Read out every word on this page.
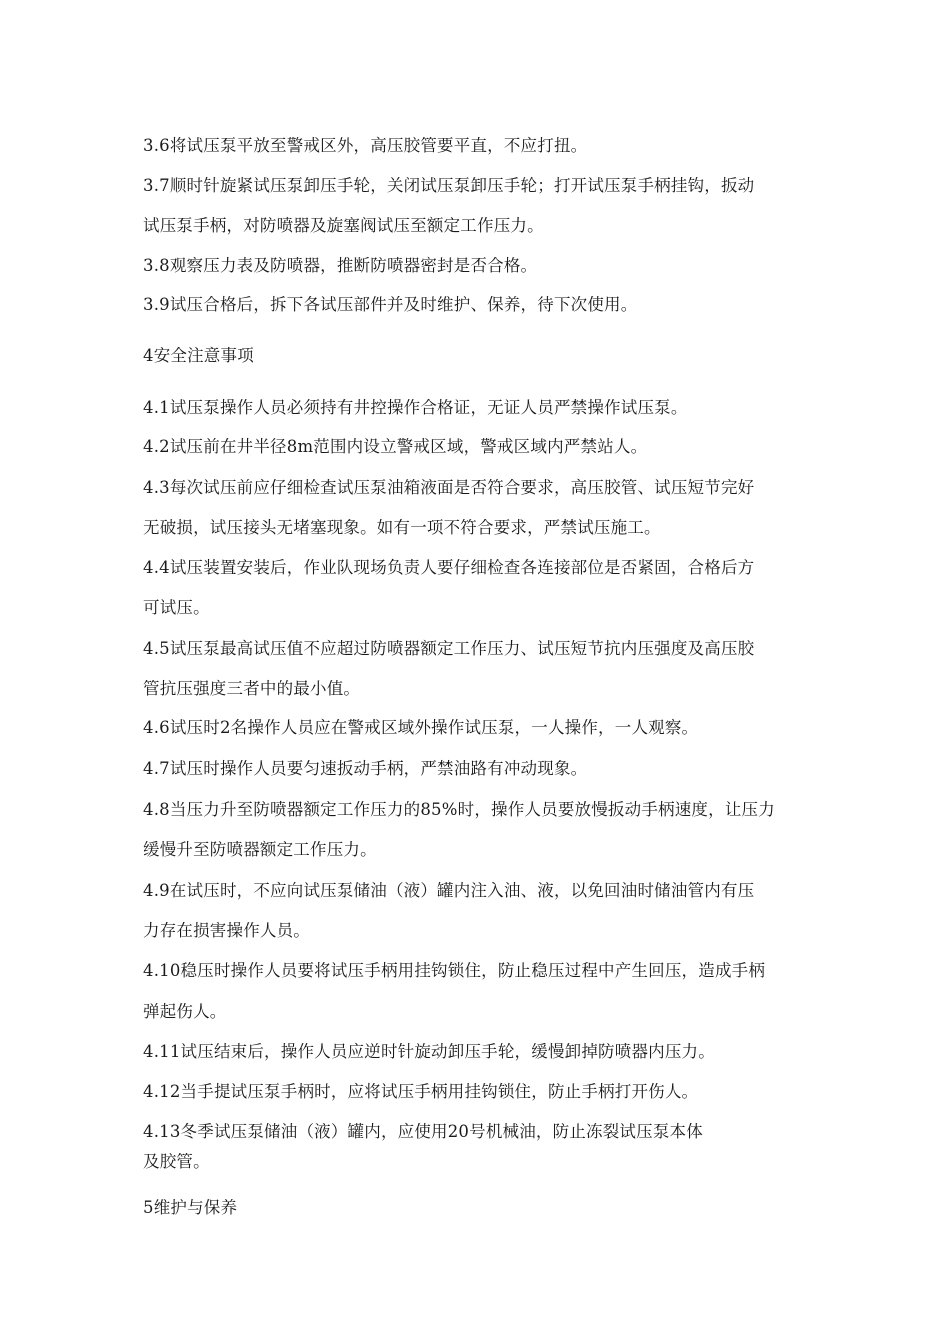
3.6将试压泵平放至警戒区外，高压胶管要平直，不应打扭。
3.7顺时针旋紧试压泵卸压手轮，关闭试压泵卸压手轮；打开试压泵手柄挂钩，扳动
试压泵手柄，对防喷器及旋塞阀试压至额定工作压力。
3.8观察压力表及防喷器，推断防喷器密封是否合格。
3.9试压合格后，拆下各试压部件并及时维护、保养，待下次使用。
4安全注意事项
4.1试压泵操作人员必须持有井控操作合格证，无证人员严禁操作试压泵。
4.2试压前在井半径8m范围内设立警戒区域，警戒区域内严禁站人。
4.3每次试压前应仔细检查试压泵油箱液面是否符合要求，高压胶管、试压短节完好
无破损，试压接头无堵塞现象。如有一项不符合要求，严禁试压施工。
4.4试压装置安装后，作业队现场负责人要仔细检查各连接部位是否紧固，合格后方
可试压。
4.5试压泵最高试压值不应超过防喷器额定工作压力、试压短节抗内压强度及高压胶
管抗压强度三者中的最小值。
4.6试压时2名操作人员应在警戒区域外操作试压泵，一人操作，一人观察。
4.7试压时操作人员要匀速扳动手柄，严禁油路有冲动现象。
4.8当压力升至防喷器额定工作压力的85%时，操作人员要放慢扳动手柄速度，让压力
缓慢升至防喷器额定工作压力。
4.9在试压时，不应向试压泵储油（液）罐内注入油、液，以免回油时储油管内有压
力存在损害操作人员。
4.10稳压时操作人员要将试压手柄用挂钩锁住，防止稳压过程中产生回压，造成手柄
弹起伤人。
4.11试压结束后，操作人员应逆时针旋动卸压手轮，缓慢卸掉防喷器内压力。
4.12当手提试压泵手柄时，应将试压手柄用挂钩锁住，防止手柄打开伤人。
4.13冬季试压泵储油（液）罐内，应使用20号机械油，防止冻裂试压泵本体
及胶管。
5维护与保养
